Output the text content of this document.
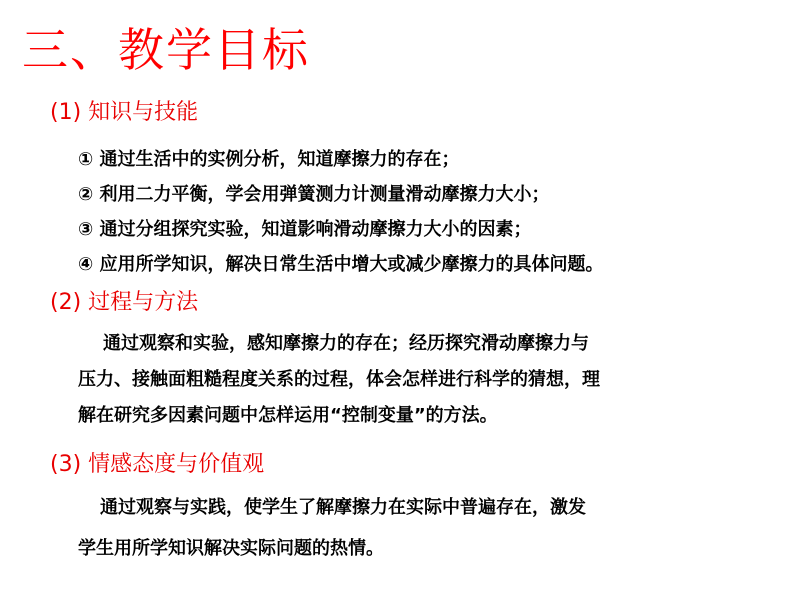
三、教学目标
(1) 知识与技能
① 通过生活中的实例分析，知道摩擦力的存在；
② 利用二力平衡，学会用弹簧测力计测量滑动摩擦力大小；
③ 通过分组探究实验，知道影响滑动摩擦力大小的因素；
④ 应用所学知识，解决日常生活中增大或减少摩擦力的具体问题。
(2) 过程与方法

通过观察和实验，感知摩擦力的存在；经历探究滑动摩擦力与

压力、接触面粗糙程度关系的过程，体会怎样进行科学的猜想，理

解在研究多因素问题中怎样运用“控制变量”的方法。

(3) 情感态度与价值观

通过观察与实践，使学生了解摩擦力在实际中普遍存在，激发

学生用所学知识解决实际问题的热情。
